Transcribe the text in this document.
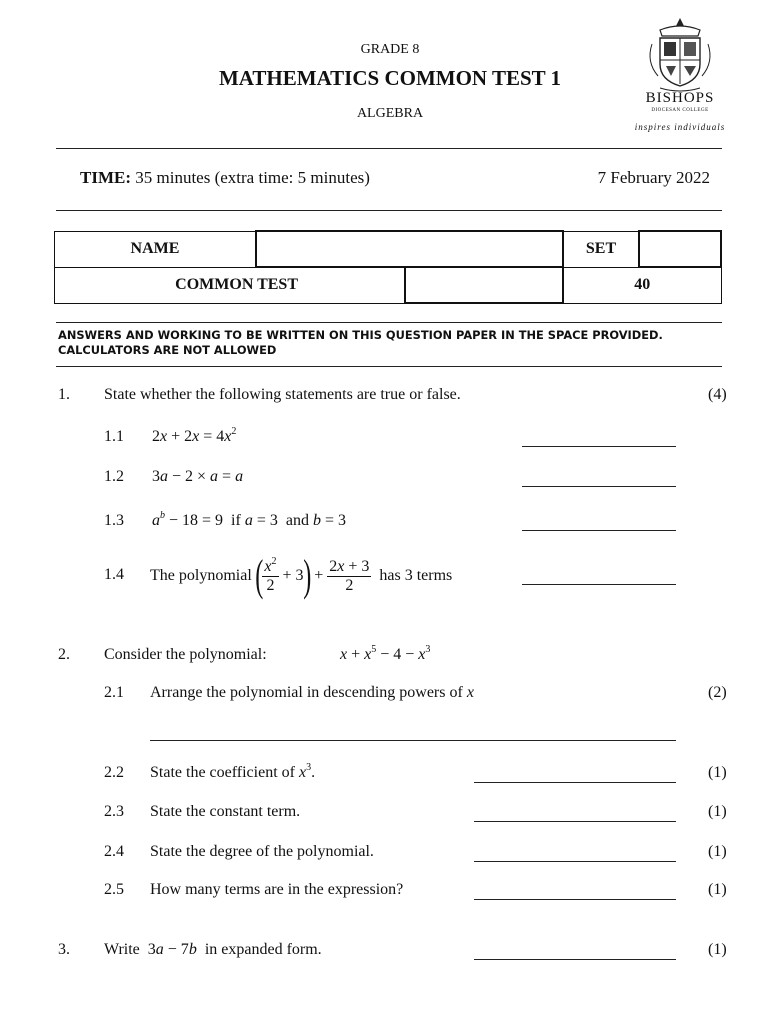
GRADE 8
MATHEMATICS COMMON TEST 1
ALGEBRA
BISHOPS
DIOCESAN COLLEGE
inspires individuals
TIME: 35 minutes (extra time: 5 minutes)	7 February 2022
NAME			SET	
COMMON TEST			40	
ANSWERS AND WORKING TO BE WRITTEN ON THIS QUESTION PAPER IN THE SPACE PROVIDED.
CALCULATORS ARE NOT ALLOWED
1. State whether the following statements are true or false.	(4)
1.1 $2x + 2x = 4x^2$
1.2 3a − 2 × a = a
1.3 $a^b - 18 = 9$  if a = 3  and b = 3
1.4 The polynomial ( $\frac{x^2}{2} + 3$ ) + $\frac{2x + 3}{2}$ has 3 terms
2. Consider the polynomial:	$x + x^5 - 4 - x^3$
2.1 Arrange the polynomial in descending powers of x	(2)
2.2 State the coefficient of $x^3$.	(1)
2.3 State the constant term.	(1)
2.4 State the degree of the polynomial.	(1)
2.5 How many terms are in the expression?	(1)
3. Write 3a − 7b in expanded form.	(1)
